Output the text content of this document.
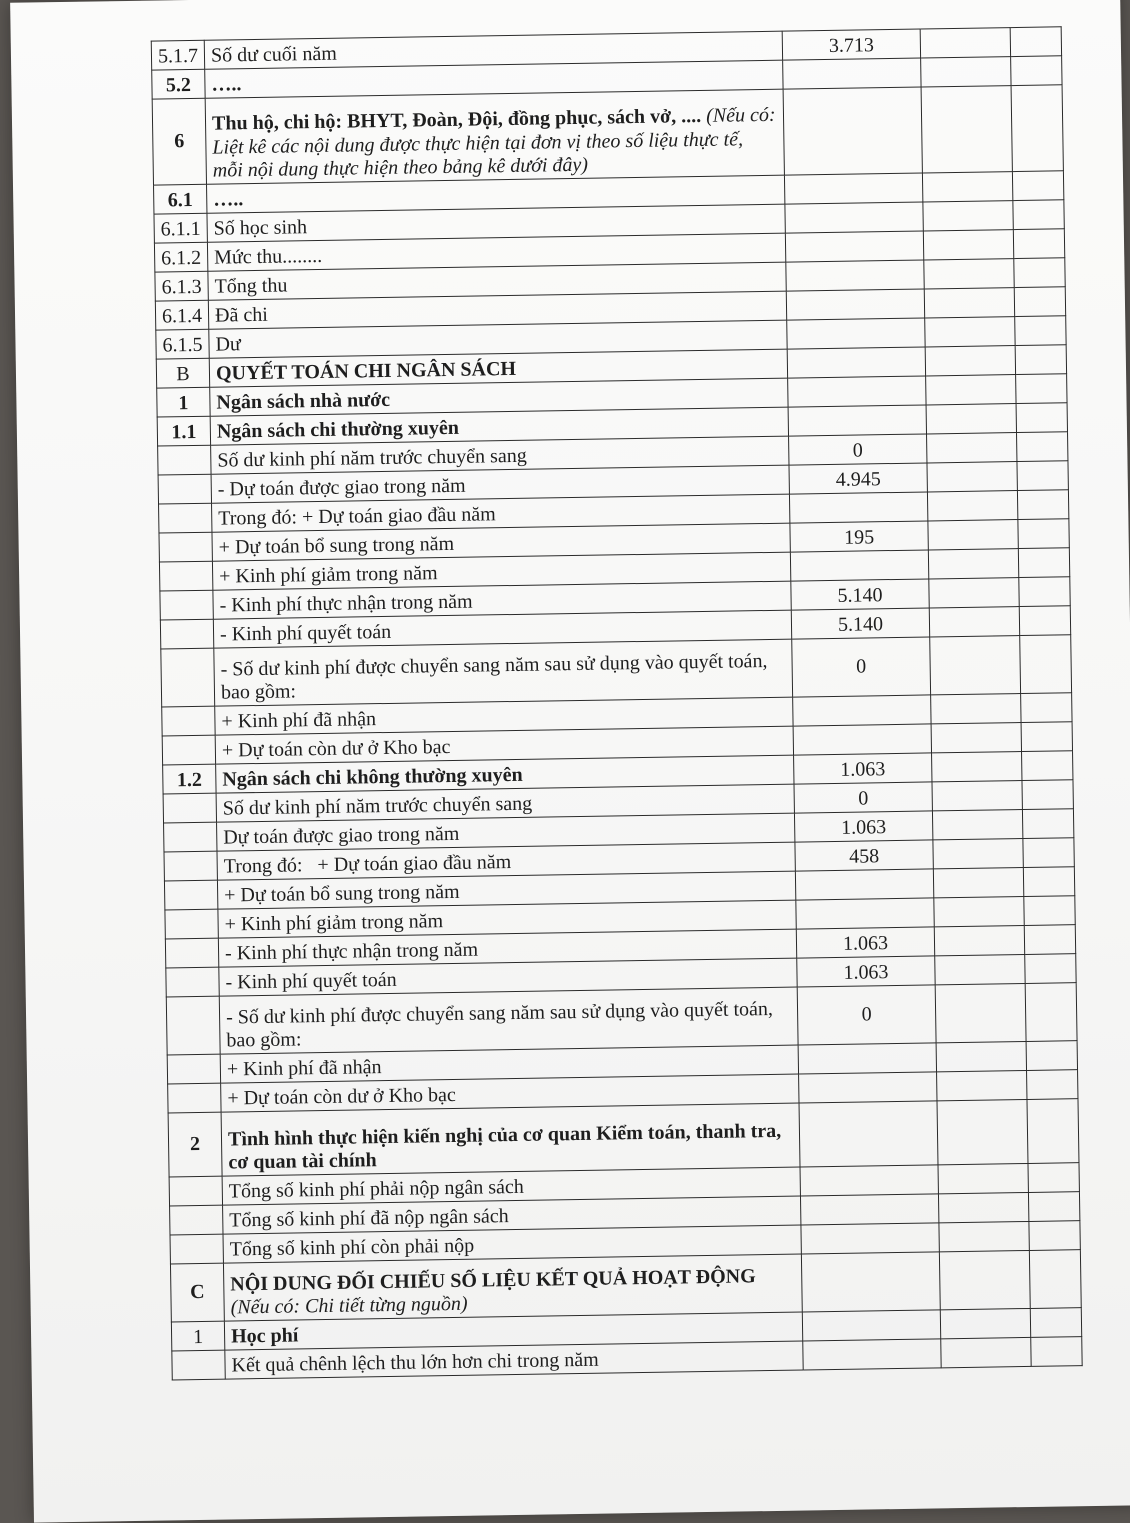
5.1.7	Số dư cuối năm	3.713		
5.2	…..			
6	Thu hộ, chi hộ: BHYT, Đoàn, Đội, đồng phục, sách vở, .... (Nếu có: Liệt kê các nội dung được thực hiện tại đơn vị theo số liệu thực tế, mỗi nội dung thực hiện theo bảng kê dưới đây)			
6.1	…..			
6.1.1	Số học sinh			
6.1.2	Mức thu........			
6.1.3	Tổng thu			
6.1.4	Đã chi			
6.1.5	Dư			
B	QUYẾT TOÁN CHI NGÂN SÁCH			
1	Ngân sách nhà nước			
1.1	Ngân sách chi thường xuyên			
	Số dư kinh phí năm trước chuyển sang	0		
	- Dự toán được giao trong năm	4.945		
	Trong đó: + Dự toán giao đầu năm			
	+ Dự toán bổ sung trong năm	195		
	+ Kinh phí giảm trong năm			
	- Kinh phí thực nhận trong năm	5.140		
	- Kinh phí quyết toán	5.140		
	- Số dư kinh phí được chuyển sang năm sau sử dụng vào quyết toán, bao gồm:	0		
	+ Kinh phí đã nhận			
	+ Dự toán còn dư ở Kho bạc			
1.2	Ngân sách chi không thường xuyên	1.063		
	Số dư kinh phí năm trước chuyển sang	0		
	Dự toán được giao trong năm	1.063		
	Trong đó:   + Dự toán giao đầu năm	458		
	+ Dự toán bổ sung trong năm			
	+ Kinh phí giảm trong năm			
	- Kinh phí thực nhận trong năm	1.063		
	- Kinh phí quyết toán	1.063		
	- Số dư kinh phí được chuyển sang năm sau sử dụng vào quyết toán, bao gồm:	0		
	+ Kinh phí đã nhận			
	+ Dự toán còn dư ở Kho bạc			
2	Tình hình thực hiện kiến nghị của cơ quan Kiểm toán, thanh tra, cơ quan tài chính			
	Tổng số kinh phí phải nộp ngân sách			
	Tổng số kinh phí đã nộp ngân sách			
	Tổng số kinh phí còn phải nộp			
C	NỘI DUNG ĐỐI CHIẾU SỐ LIỆU KẾT QUẢ HOẠT ĐỘNG
(Nếu có: Chi tiết từng nguồn)			

1	Học phí			
	Kết quả chênh lệch thu lớn hơn chi trong năm			
